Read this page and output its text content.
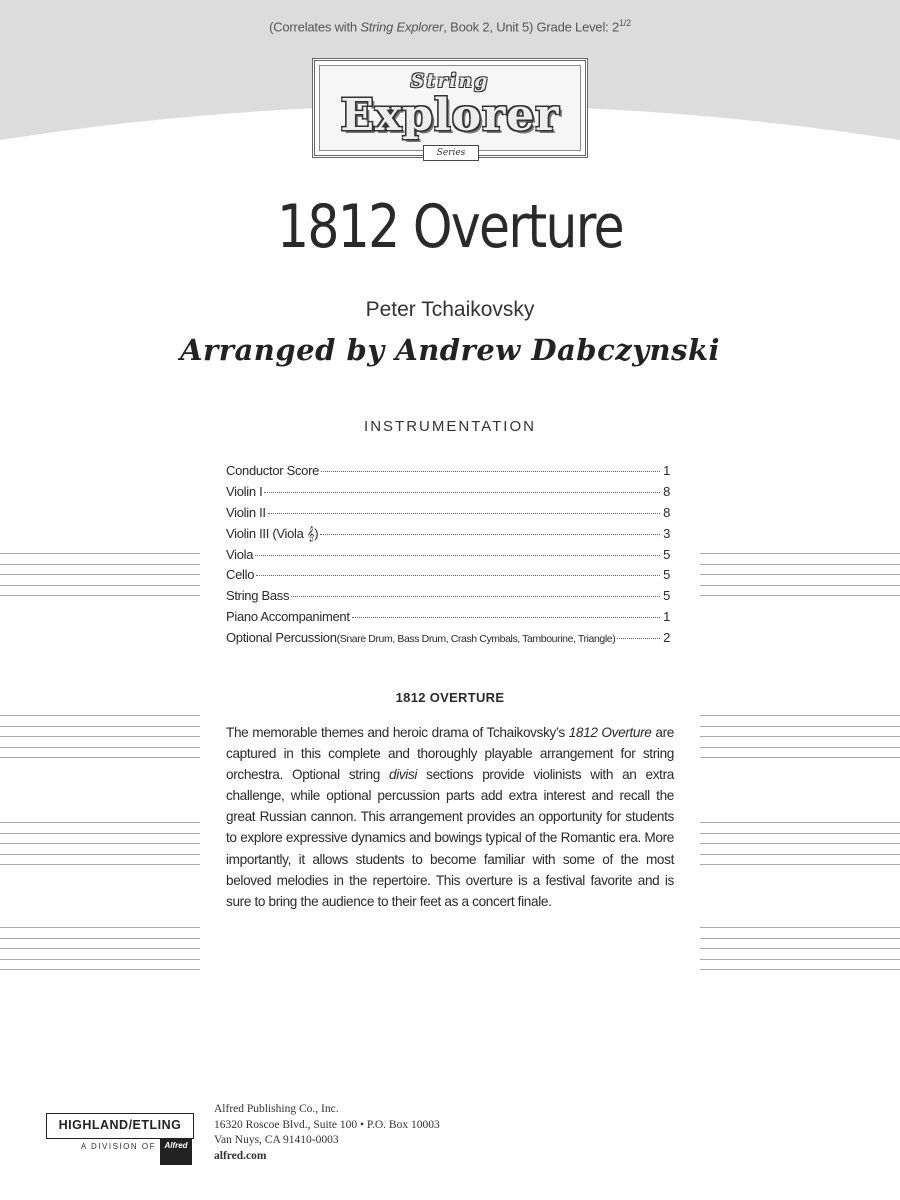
(Correlates with String Explorer, Book 2, Unit 5) Grade Level: $2^{1/2}$
String
Explorer
Series
1812 Overture
Peter Tchaikovsky
Arranged by Andrew Dabczynski
INSTRUMENTATION
Conductor Score	1
Violin I	8
Violin II	8
Violin III (Viola 𝄞)	3
Viola	5
Cello	5
String Bass	5
Piano Accompaniment	1
Optional Percussion (Snare Drum, Bass Drum, Crash Cymbals, Tambourine, Triangle)	2
1812 OVERTURE
The memorable themes and heroic drama of Tchaikovsky’s 1812 Overture are captured in this complete and thoroughly playable arrangement for string orchestra. Optional string divisi sections provide violinists with an extra challenge, while optional percussion parts add extra interest and recall the great Russian cannon. This arrangement provides an opportunity for students to explore expressive dynamics and bowings typical of the Romantic era. More importantly, it allows students to become familiar with some of the most beloved melodies in the repertoire. This overture is a festival favorite and is sure to bring the audience to their feet as a concert finale.
HIGHLAND/ETLING
A DIVISION OF	Alfred
Alfred Publishing Co., Inc.
16320 Roscoe Blvd., Suite 100 • P.O. Box 10003
Van Nuys, CA 91410-0003
alfred.com
